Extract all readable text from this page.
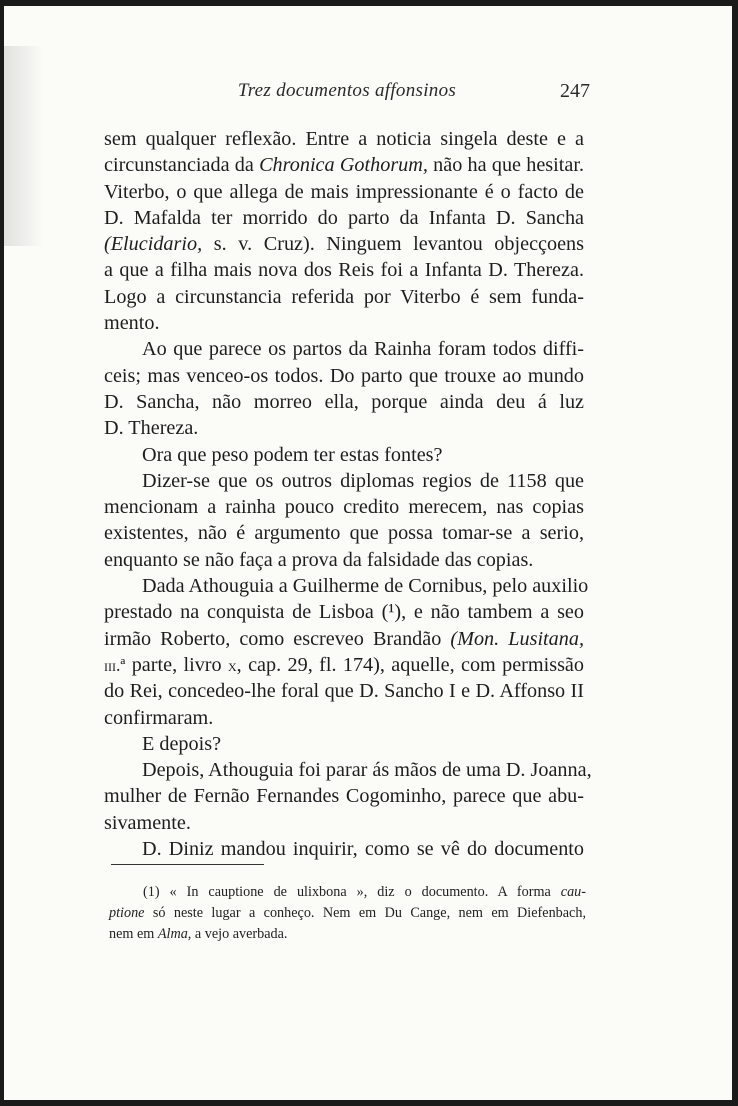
Trez documentos affonsinos	247
sem qualquer reflexão. Entre a noticia singela deste e a
circunstanciada da Chronica Gothorum, não ha que hesitar.
Viterbo, o que allega de mais impressionante é o facto de
D. Mafalda ter morrido do parto da Infanta D. Sancha
(Elucidario, s. v. Cruz). Ninguem levantou objecçoens
a que a filha mais nova dos Reis foi a Infanta D. Thereza.
Logo a circunstancia referida por Viterbo é sem funda-
mento.
Ao que parece os partos da Rainha foram todos diffi-
ceis; mas venceo-os todos. Do parto que trouxe ao mundo
D. Sancha, não morreo ella, porque ainda deu á luz
D. Thereza.
Ora que peso podem ter estas fontes?
Dizer-se que os outros diplomas regios de 1158 que
mencionam a rainha pouco credito merecem, nas copias
existentes, não é argumento que possa tomar-se a serio,
enquanto se não faça a prova da falsidade das copias.
Dada Athouguia a Guilherme de Cornibus, pelo auxilio
prestado na conquista de Lisboa (¹), e não tambem a seo
irmão Roberto, como escreveo Brandão (Mon. Lusitana,
iii.ª parte, livro x, cap. 29, fl. 174), aquelle, com permissão
do Rei, concedeo-lhe foral que D. Sancho I e D. Affonso II
confirmaram.
E depois?
Depois, Athouguia foi parar ás mãos de uma D. Joanna,
mulher de Fernão Fernandes Cogominho, parece que abu-
sivamente.
D. Diniz mandou inquirir, como se vê do documento
(1) « In cauptione de ulixbona », diz o documento. A forma cau-
ptione só neste lugar a conheço. Nem em Du Cange, nem em Diefenbach,
nem em Alma, a vejo averbada.
